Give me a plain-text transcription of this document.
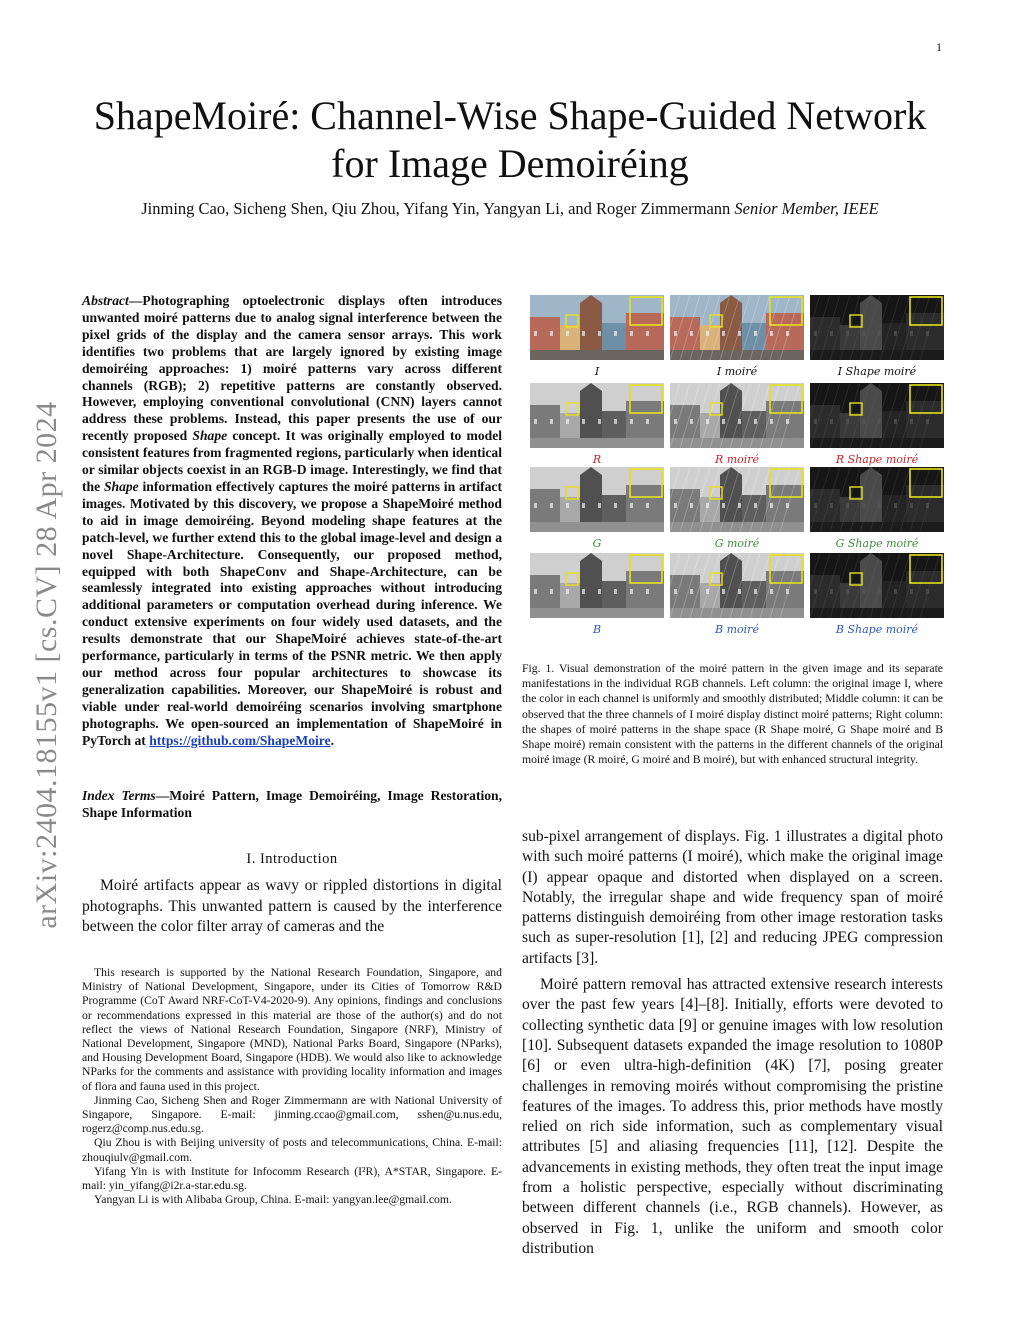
1
arXiv:2404.18155v1 [cs.CV] 28 Apr 2024
ShapeMoiré: Channel-Wise Shape-Guided Network
for Image Demoiréing
Jinming Cao, Sicheng Shen, Qiu Zhou, Yifang Yin, Yangyan Li, and Roger Zimmermann Senior Member, IEEE
Abstract—Photographing optoelectronic displays often introduces unwanted moiré patterns due to analog signal interference between the pixel grids of the display and the camera sensor arrays. This work identifies two problems that are largely ignored by existing image demoiréing approaches: 1) moiré patterns vary across different channels (RGB); 2) repetitive patterns are constantly observed. However, employing conventional convolutional (CNN) layers cannot address these problems. Instead, this paper presents the use of our recently proposed Shape concept. It was originally employed to model consistent features from fragmented regions, particularly when identical or similar objects coexist in an RGB-D image. Interestingly, we find that the Shape information effectively captures the moiré patterns in artifact images. Motivated by this discovery, we propose a ShapeMoiré method to aid in image demoiréing. Beyond modeling shape features at the patch-level, we further extend this to the global image-level and design a novel Shape-Architecture. Consequently, our proposed method, equipped with both ShapeConv and Shape-Architecture, can be seamlessly integrated into existing approaches without introducing additional parameters or computation overhead during inference. We conduct extensive experiments on four widely used datasets, and the results demonstrate that our ShapeMoiré achieves state-of-the-art performance, particularly in terms of the PSNR metric. We then apply our method across four popular architectures to showcase its generalization capabilities. Moreover, our ShapeMoiré is robust and viable under real-world demoiréing scenarios involving smartphone photographs. We open-sourced an implementation of ShapeMoiré in PyTorch at https://github.com/ShapeMoire.
Index Terms—Moiré Pattern, Image Demoiréing, Image Restoration, Shape Information
I. Introduction
Moiré artifacts appear as wavy or rippled distortions in digital photographs. This unwanted pattern is caused by the interference between the color filter array of cameras and the

This research is supported by the National Research Foundation, Singapore, and Ministry of National Development, Singapore, under its Cities of Tomorrow R&D Programme (CoT Award NRF-CoT-V4-2020-9). Any opinions, findings and conclusions or recommendations expressed in this material are those of the author(s) and do not reflect the views of National Research Foundation, Singapore (NRF), Ministry of National Development, Singapore (MND), National Parks Board, Singapore (NParks), and Housing Development Board, Singapore (HDB). We would also like to acknowledge NParks for the comments and assistance with providing locality information and images of flora and fauna used in this project.

Jinming Cao, Sicheng Shen and Roger Zimmermann are with National University of Singapore, Singapore. E-mail: jinming.ccao@gmail.com, sshen@u.nus.edu, rogerz@comp.nus.edu.sg.

Qiu Zhou is with Beijing university of posts and telecommunications, China. E-mail: zhouqiulv@gmail.com.

Yifang Yin is with Institute for Infocomm Research (I²R), A*STAR, Singapore. E-mail: yin_yifang@i2r.a-star.edu.sg.

Yangyan Li is with Alibaba Group, China. E-mail: yangyan.lee@gmail.com.

I	I moiré	I Shape moiré
R	R moiré	R Shape moiré
G	G moiré	G Shape moiré
B	B moiré	B Shape moiré
Fig. 1. Visual demonstration of the moiré pattern in the given image and its separate manifestations in the individual RGB channels. Left column: the original image I, where the color in each channel is uniformly and smoothly distributed; Middle column: it can be observed that the three channels of I moiré display distinct moiré patterns; Right column: the shapes of moiré patterns in the shape space (R Shape moiré, G Shape moiré and B Shape moiré) remain consistent with the patterns in the different channels of the original moiré image (R moiré, G moiré and B moiré), but with enhanced structural integrity.

sub-pixel arrangement of displays. Fig. 1 illustrates a digital photo with such moiré patterns (I moiré), which make the original image (I) appear opaque and distorted when displayed on a screen. Notably, the irregular shape and wide frequency span of moiré patterns distinguish demoiréing from other image restoration tasks such as super-resolution [1], [2] and reducing JPEG compression artifacts [3].

Moiré pattern removal has attracted extensive research interests over the past few years [4]–[8]. Initially, efforts were devoted to collecting synthetic data [9] or genuine images with low resolution [10]. Subsequent datasets expanded the image resolution to 1080P [6] or even ultra-high-definition (4K) [7], posing greater challenges in removing moirés without compromising the pristine features of the images. To address this, prior methods have mostly relied on rich side information, such as complementary visual attributes [5] and aliasing frequencies [11], [12]. Despite the advancements in existing methods, they often treat the input image from a holistic perspective, especially without discriminating between different channels (i.e., RGB channels). However, as observed in Fig. 1, unlike the uniform and smooth color distribution
